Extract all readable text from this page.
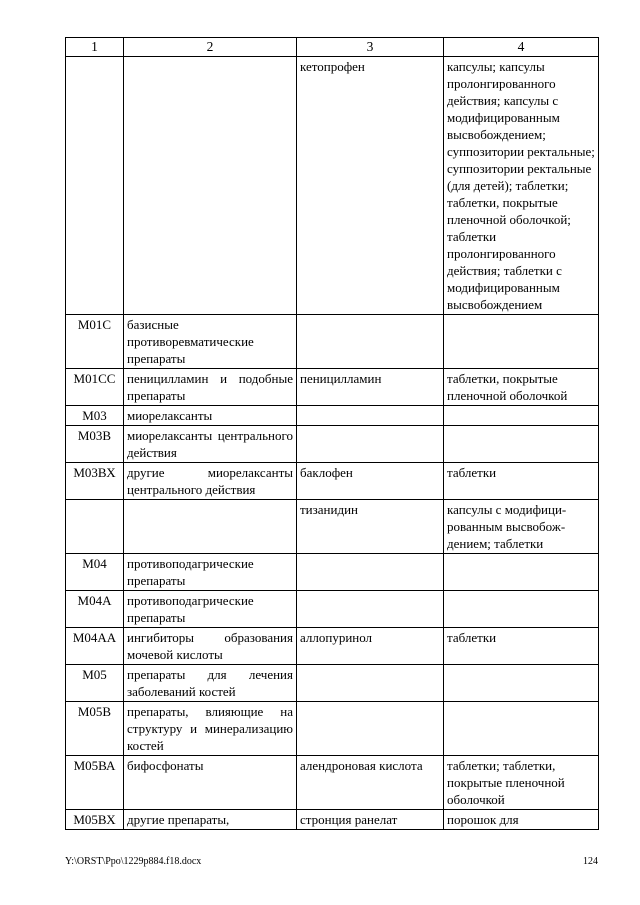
1	2	3	4
		кетопрофен	капсулы; капсулы пролонгированного действия; капсулы с модифицированным высвобождением; суппозитории ректальные; суппозитории ректальные (для детей); таблетки; таблетки, покрытые пленочной оболочкой; таблетки пролонгированного действия; таблетки с модифицированным высвобождением
М01С	базисные противоревматические препараты		
М01СС	пеницилламин и подобные препараты	пеницилламин	таблетки, покрытые пленочной оболочкой
М03	миорелаксанты		
М03В	миорелаксанты центрального действия		
М03ВХ	другие миорелаксанты центрального действия	баклофен	таблетки
		тизанидин	капсулы с модифици-рованным высвобож-дением; таблетки
М04	противоподагрические препараты		
М04А	противоподагрические препараты		
М04АА	ингибиторы образования мочевой кислоты	аллопуринол	таблетки
М05	препараты для лечения заболеваний костей		
М05В	препараты, влияющие на структуру и минерализацию костей		
М05ВА	бифосфонаты	алендроновая кислота	таблетки; таблетки, покрытые пленочной оболочкой
М05ВХ	другие препараты,	стронция ранелат	порошок для
Y:\ORST\Ppo\1229p884.f18.docx	124
